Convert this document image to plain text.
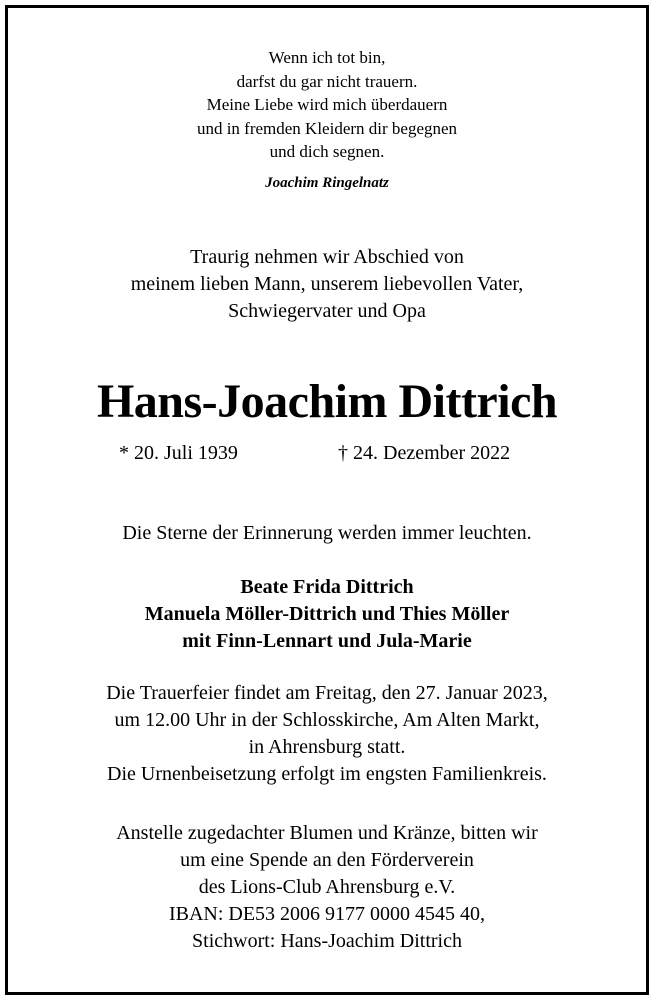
Wenn ich tot bin,
darfst du gar nicht trauern.
Meine Liebe wird mich überdauern
und in fremden Kleidern dir begegnen
und dich segnen.
Joachim Ringelnatz
Traurig nehmen wir Abschied von
meinem lieben Mann, unserem liebevollen Vater,
Schwiegervater und Opa
Hans-Joachim Dittrich
* 20. Juli 1939	† 24. Dezember 2022
Die Sterne der Erinnerung werden immer leuchten.
Beate Frida Dittrich
Manuela Möller-Dittrich und Thies Möller
mit Finn-Lennart und Jula-Marie
Die Trauerfeier findet am Freitag, den 27. Januar 2023,
um 12.00 Uhr in der Schlosskirche, Am Alten Markt,
in Ahrensburg statt.
Die Urnenbeisetzung erfolgt im engsten Familienkreis.
Anstelle zugedachter Blumen und Kränze, bitten wir
um eine Spende an den Förderverein
des Lions-Club Ahrensburg e.V.
IBAN: DE53 2006 9177 0000 4545 40,
Stichwort: Hans-Joachim Dittrich
